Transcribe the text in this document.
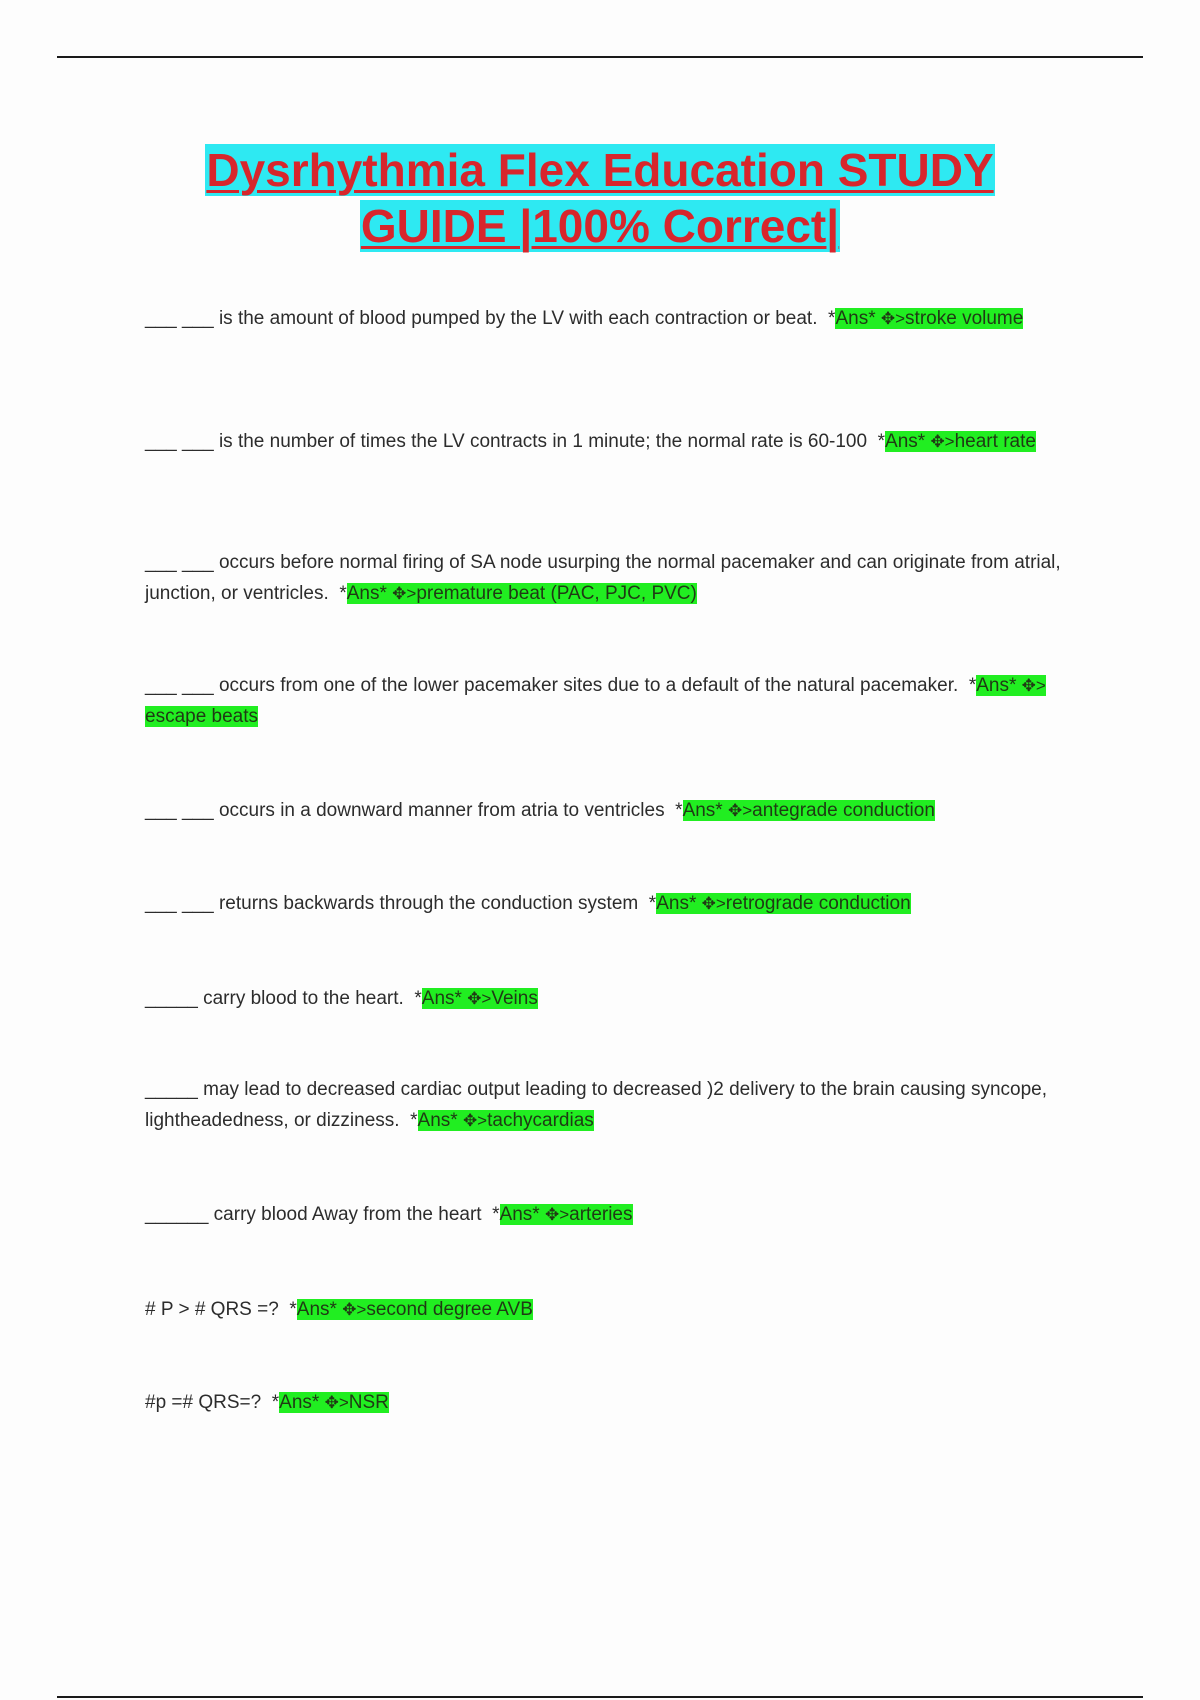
Dysrhythmia Flex Education STUDY
GUIDE |100% Correct|
___ ___ is the amount of blood pumped by the LV with each contraction or beat. *Ans* ✥>stroke volume
___ ___ is the number of times the LV contracts in 1 minute; the normal rate is 60-100 *Ans* ✥>heart rate
___ ___ occurs before normal firing of SA node usurping the normal pacemaker and can originate from atrial, junction, or ventricles. *Ans* ✥>premature beat (PAC, PJC, PVC)
___ ___ occurs from one of the lower pacemaker sites due to a default of the natural pacemaker. *Ans* ✥>escape beats
___ ___ occurs in a downward manner from atria to ventricles *Ans* ✥>antegrade conduction
___ ___ returns backwards through the conduction system *Ans* ✥>retrograde conduction
_____ carry blood to the heart. *Ans* ✥>Veins
_____ may lead to decreased cardiac output leading to decreased )2 delivery to the brain causing syncope, lightheadedness, or dizziness. *Ans* ✥>tachycardias
______ carry blood Away from the heart *Ans* ✥>arteries
# P > # QRS =? *Ans* ✥>second degree AVB
#p =# QRS=? *Ans* ✥>NSR
